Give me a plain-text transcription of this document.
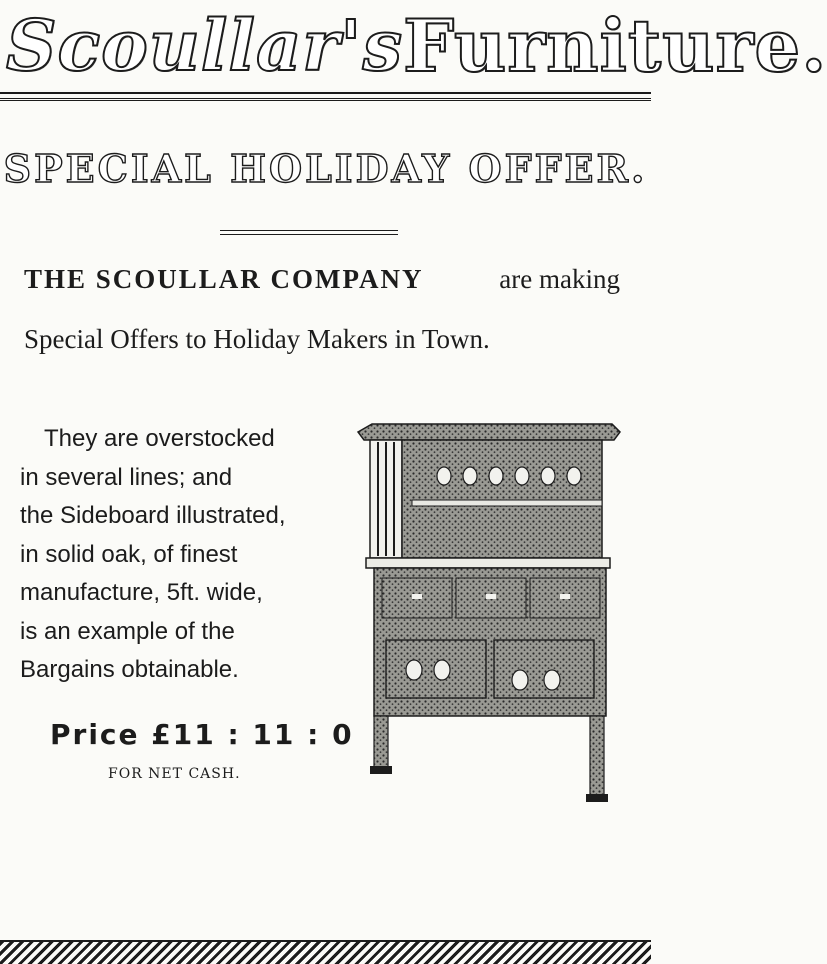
Scoullar's Furniture.
SPECIAL HOLIDAY OFFER.
THE SCOULLAR COMPANY	are making
Special Offers to Holiday Makers in Town.
They are overstocked
in several lines; and
the Sideboard illustrated,
in solid oak, of finest
manufacture, 5ft. wide,
is an example of the
Bargains obtainable.
Price £11 : 11 : 0
FOR NET CASH.
